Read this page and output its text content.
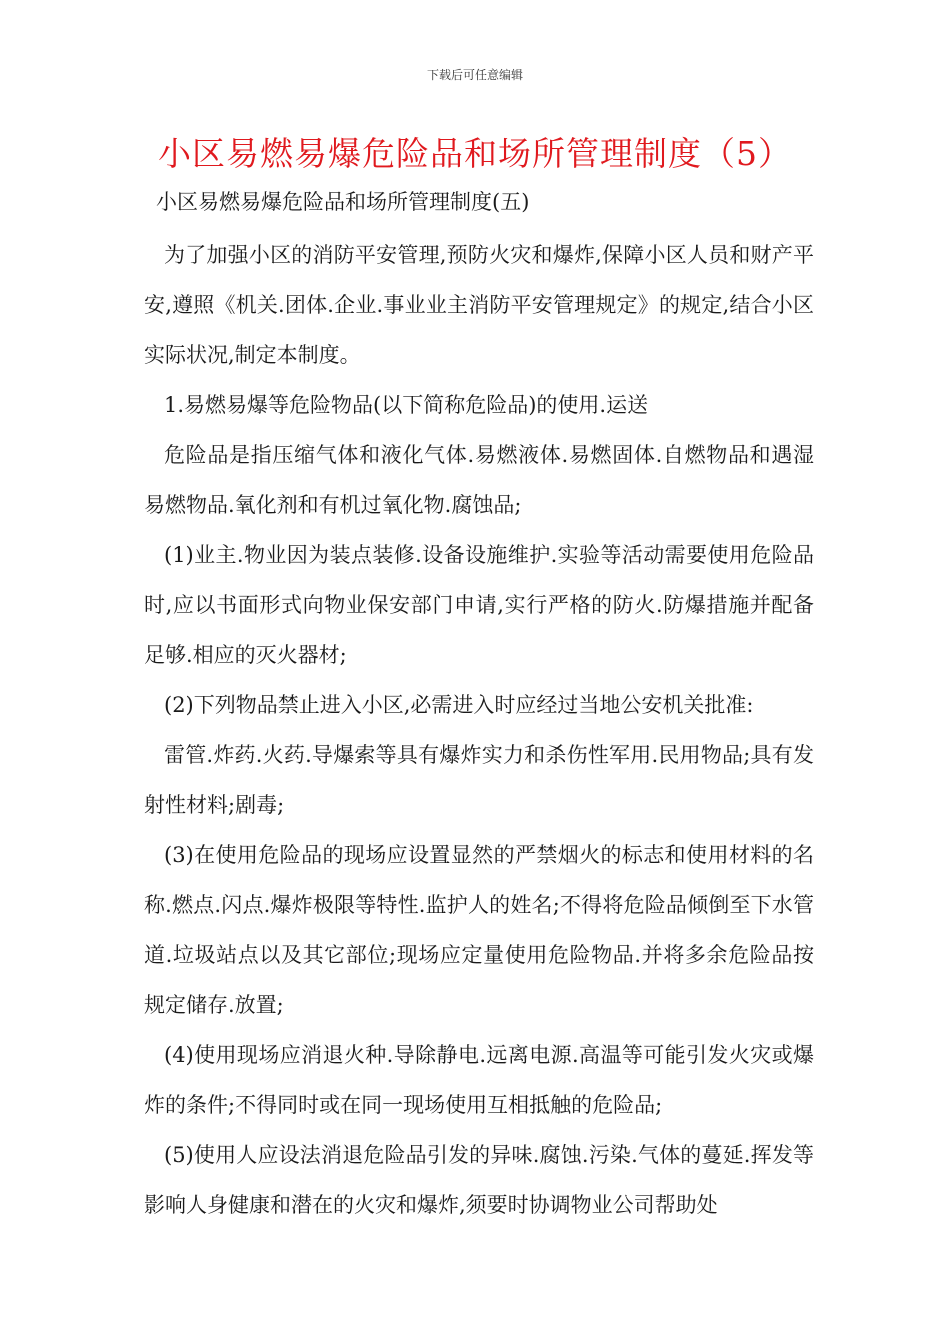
下载后可任意编辑
小区易燃易爆危险品和场所管理制度（5）
小区易燃易爆危险品和场所管理制度(五)

为了加强小区的消防平安管理,预防火灾和爆炸,保障小区人员和财产平安,遵照《机关.团体.企业.事业业主消防平安管理规定》的规定,结合小区实际状况,制定本制度。

1.易燃易爆等危险物品(以下简称危险品)的使用.运送

危险品是指压缩气体和液化气体.易燃液体.易燃固体.自燃物品和遇湿易燃物品.氧化剂和有机过氧化物.腐蚀品;

(1)业主.物业因为装点装修.设备设施维护.实验等活动需要使用危险品时,应以书面形式向物业保安部门申请,实行严格的防火.防爆措施并配备足够.相应的灭火器材;

(2)下列物品禁止进入小区,必需进入时应经过当地公安机关批准:

雷管.炸药.火药.导爆索等具有爆炸实力和杀伤性军用.民用物品;具有发射性材料;剧毒;

(3)在使用危险品的现场应设置显然的严禁烟火的标志和使用材料的名称.燃点.闪点.爆炸极限等特性.监护人的姓名;不得将危险品倾倒至下水管道.垃圾站点以及其它部位;现场应定量使用危险物品.并将多余危险品按规定储存.放置;

(4)使用现场应消退火种.导除静电.远离电源.高温等可能引发火灾或爆炸的条件;不得同时或在同一现场使用互相抵触的危险品;

(5)使用人应设法消退危险品引发的异味.腐蚀.污染.气体的蔓延.挥发等影响人身健康和潜在的火灾和爆炸,须要时协调物业公司帮助处
